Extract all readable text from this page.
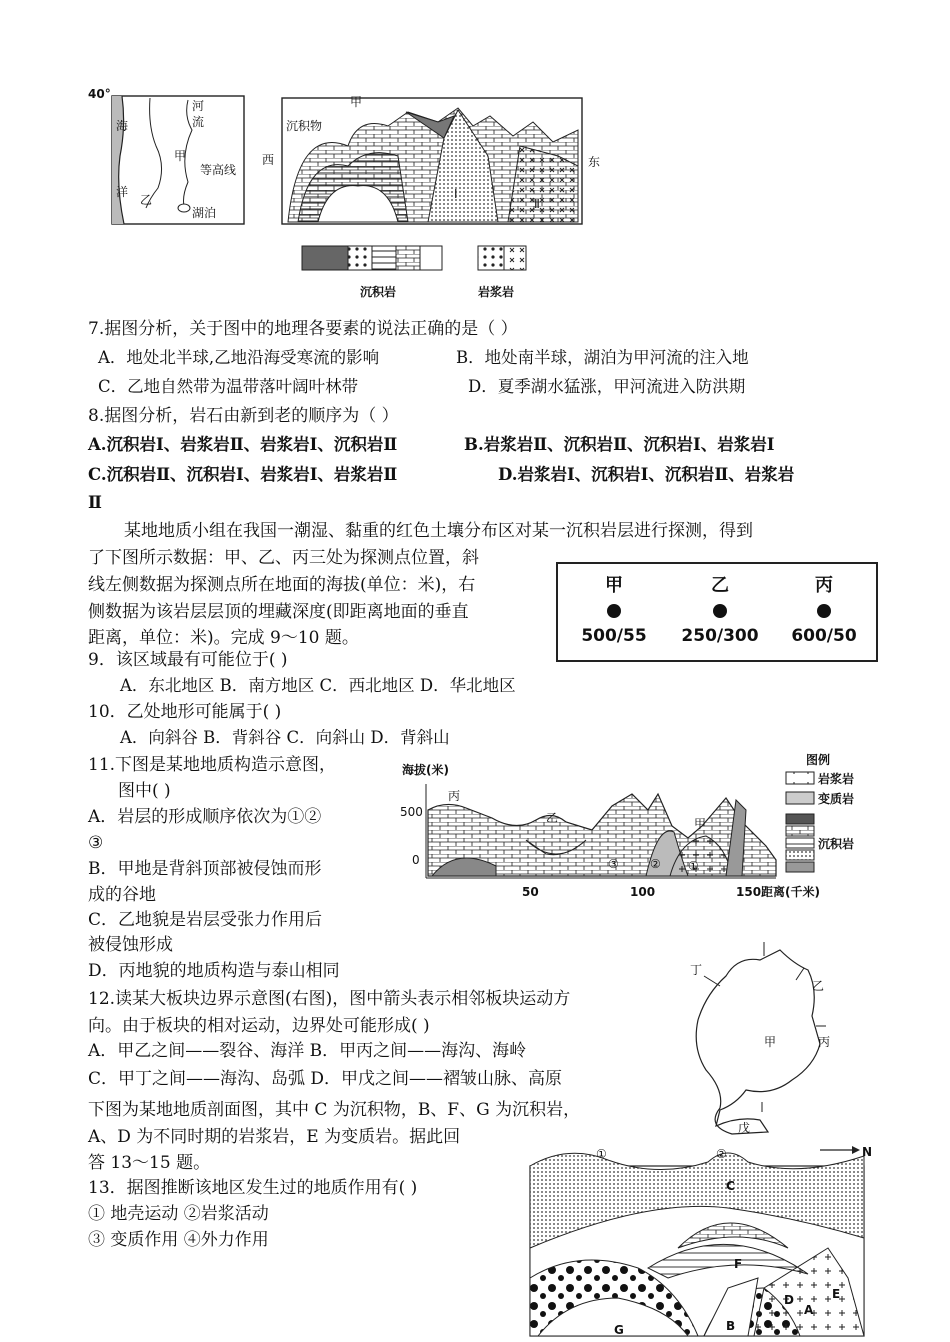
40°
海
洋
河
流
甲
等高线
乙
湖泊
甲
沉积物
西	东
Ⅰ
Ⅱ
沉积岩	岩浆岩
7.据图分析，关于图中的地理各要素的说法正确的是（ ）
A．地处北半球,乙地沿海受寒流的影响	B．地处南半球，湖泊为甲河流的注入地
C．乙地自然带为温带落叶阔叶林带	D．夏季湖水猛涨，甲河流进入防洪期
8.据图分析，岩石由新到老的顺序为（ ）
A.沉积岩Ⅰ、岩浆岩Ⅱ、岩浆岩Ⅰ、沉积岩Ⅱ	B.岩浆岩Ⅱ、沉积岩Ⅱ、沉积岩Ⅰ、岩浆岩Ⅰ
C.沉积岩Ⅱ、沉积岩Ⅰ、岩浆岩Ⅰ、岩浆岩Ⅱ	D.岩浆岩Ⅰ、沉积岩Ⅰ、沉积岩Ⅱ、岩浆岩
Ⅱ
某地地质小组在我国一潮湿、黏重的红色土壤分布区对某一沉积岩层进行探测，得到
了下图所示数据：甲、乙、丙三处为探测点位置，斜
线左侧数据为探测点所在地面的海拔(单位：米)，右
侧数据为该岩层层顶的埋藏深度(即距离地面的垂直
距离，单位：米)。完成 9～10 题。
甲
500/55
乙
250/300
丙
600/50
9．该区域最有可能位于( )
A．东北地区 B．南方地区 C．西北地区 D．华北地区
10．乙处地形可能属于( )
A．向斜谷 B．背斜谷 C．向斜山 D．背斜山
11.下图是某地地质构造示意图，
图中( )
A．岩层的形成顺序依次为①②
③
B．甲地是背斜顶部被侵蚀而形
成的谷地
C．乙地貌是岩层受张力作用后
被侵蚀形成
D．丙地貌的地质构造与泰山相同
海拔(米)
500
0
丙
乙	甲
①
②
③
50	100	150距离(千米)
图例
岩浆岩
变质岩
沉积岩
12.读某大板块边界示意图(右图)，图中箭头表示相邻板块运动方
向。由于板块的相对运动，边界处可能形成( )
A．甲乙之间——裂谷、海洋 B．甲丙之间——海沟、海岭
C．甲丁之间——海沟、岛弧 D．甲戊之间——褶皱山脉、高原
丁
乙
甲	丙
戊
下图为某地地质剖面图，其中 C 为沉积物，B、F、G 为沉积岩，
A、D 为不同时期的岩浆岩，E 为变质岩。据此回
答 13～15 题。
13．据图推断该地区发生过的地质作用有( )
① 地壳运动 ②岩浆活动
③ 变质作用 ④外力作用
①	②	N
C
F
G	B
D
A
E
